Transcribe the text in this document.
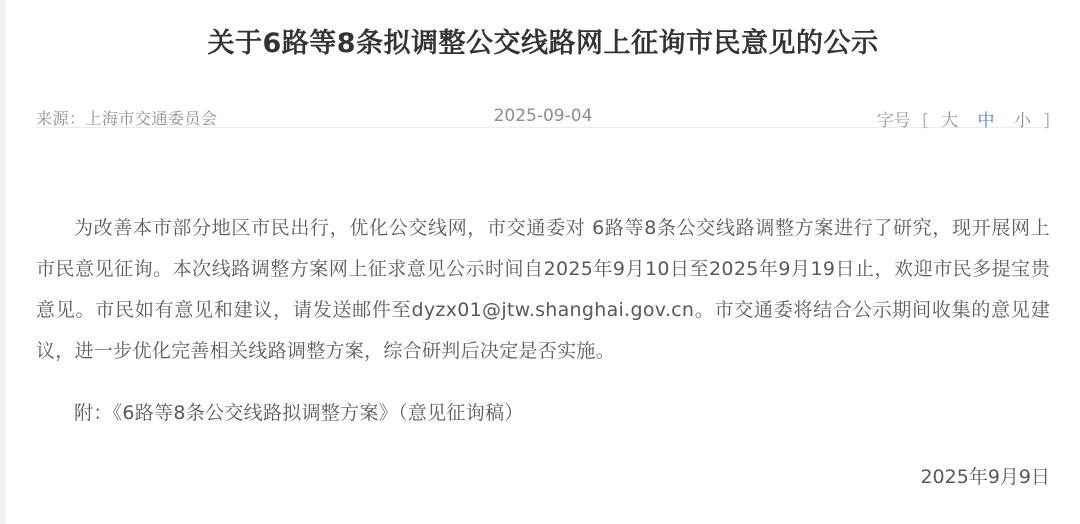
关于6路等8条拟调整公交线路网上征询市民意见的公示
来源：上海市交通委员会	2025-09-04	字号 [ 大 中 小 ]

为改善本市部分地区市民出行，优化公交线网，市交通委对 6路等8条公交线路调整方案进行了研究，现开展网上市民意见征询。本次线路调整方案网上征求意见公示时间自2025年9月10日至2025年9月19日止，欢迎市民多提宝贵意见。市民如有意见和建议，请发送邮件至dyzx01@jtw.shanghai.gov.cn。市交通委将结合公示期间收集的意见建议，进一步优化完善相关线路调整方案，综合研判后决定是否实施。

附：《6路等8条公交线路拟调整方案》（意见征询稿）

2025年9月9日
